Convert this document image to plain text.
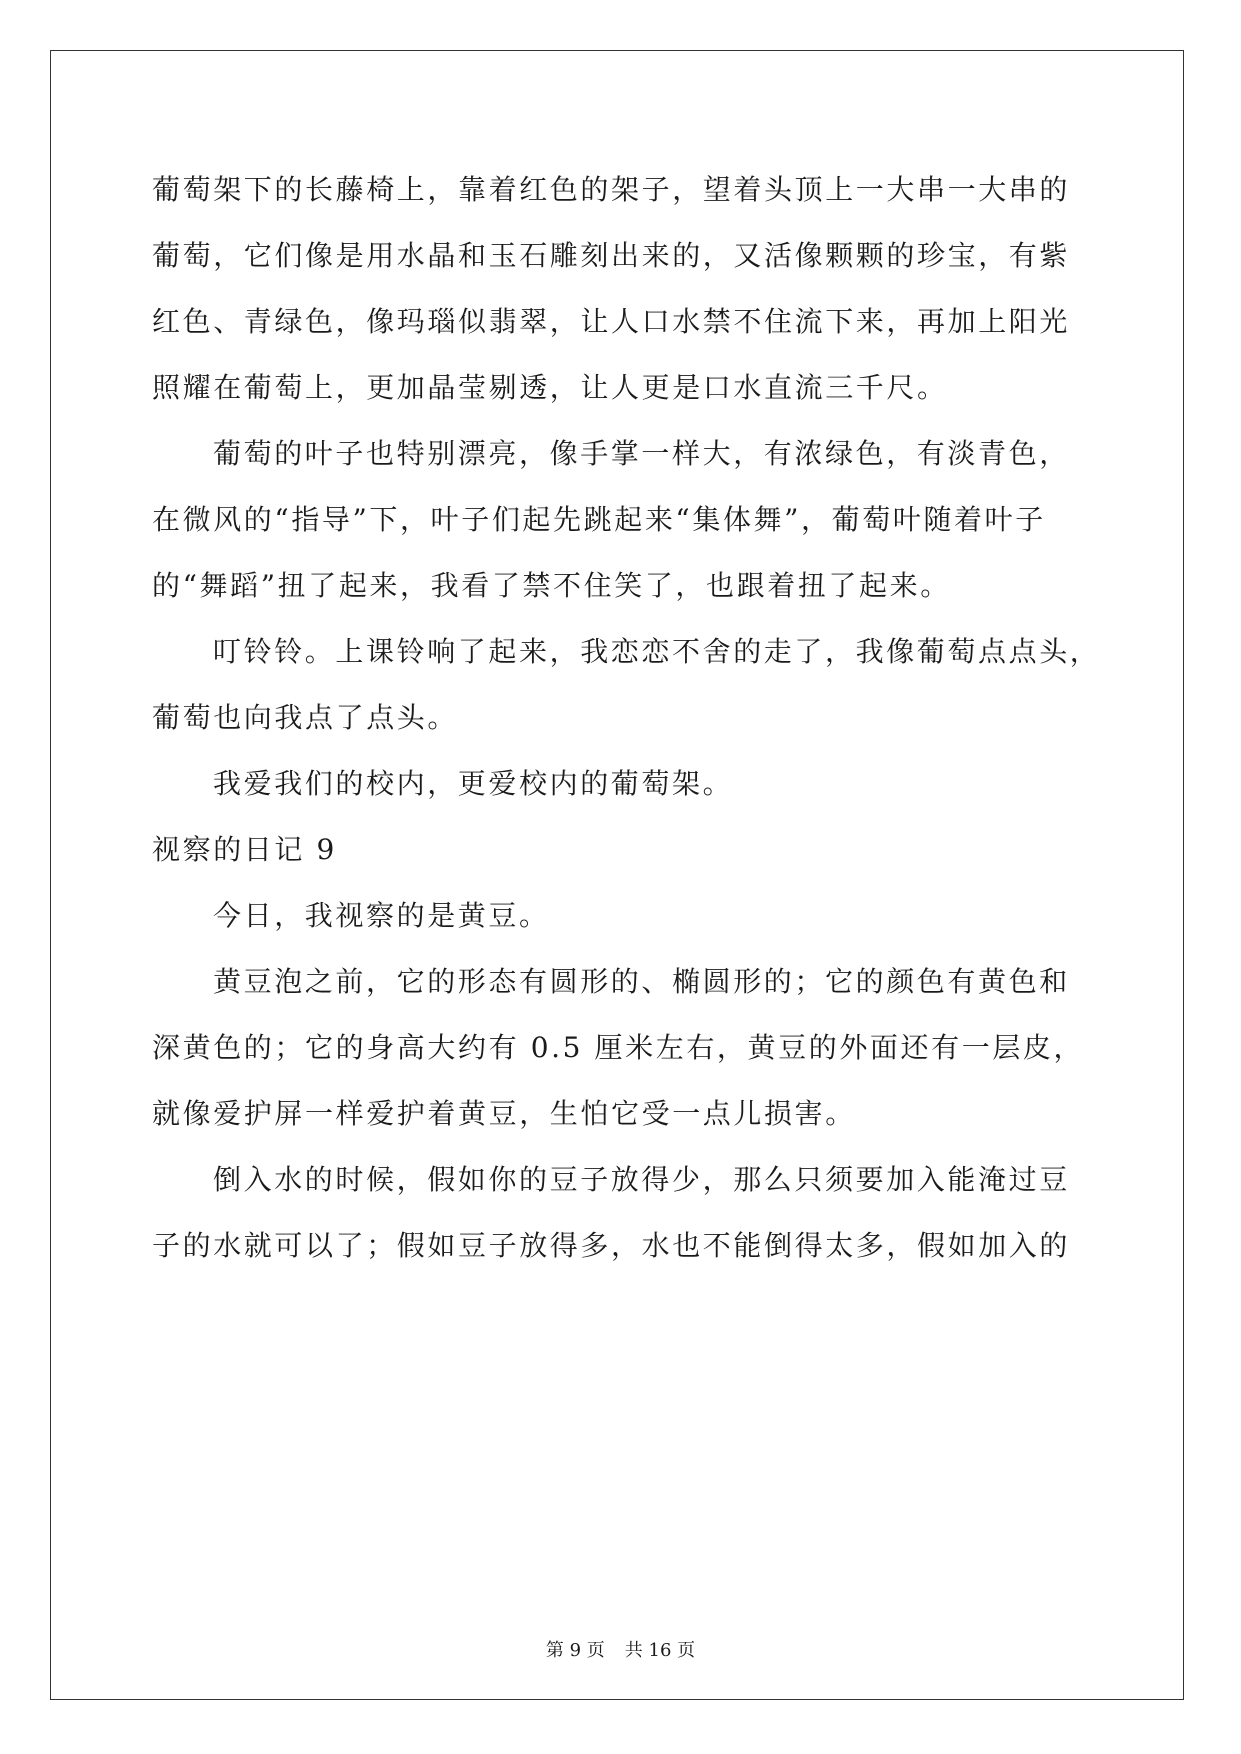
葡萄架下的长藤椅上，靠着红色的架子，望着头顶上一大串一大串的
葡萄，它们像是用水晶和玉石雕刻出来的，又活像颗颗的珍宝，有紫
红色、青绿色，像玛瑙似翡翠，让人口水禁不住流下来，再加上阳光
照耀在葡萄上，更加晶莹剔透，让人更是口水直流三千尺。
葡萄的叶子也特别漂亮，像手掌一样大，有浓绿色，有淡青色，
在微风的“指导”下，叶子们起先跳起来“集体舞”，葡萄叶随着叶子
的“舞蹈”扭了起来，我看了禁不住笑了，也跟着扭了起来。
叮铃铃。上课铃响了起来，我恋恋不舍的走了，我像葡萄点点头，
葡萄也向我点了点头。
我爱我们的校内，更爱校内的葡萄架。
视察的日记 9
今日，我视察的是黄豆。
黄豆泡之前，它的形态有圆形的、椭圆形的；它的颜色有黄色和
深黄色的；它的身高大约有 0.5 厘米左右，黄豆的外面还有一层皮，
就像爱护屏一样爱护着黄豆，生怕它受一点儿损害。
倒入水的时候，假如你的豆子放得少，那么只须要加入能淹过豆
子的水就可以了；假如豆子放得多，水也不能倒得太多，假如加入的
第 9 页 共 16 页
